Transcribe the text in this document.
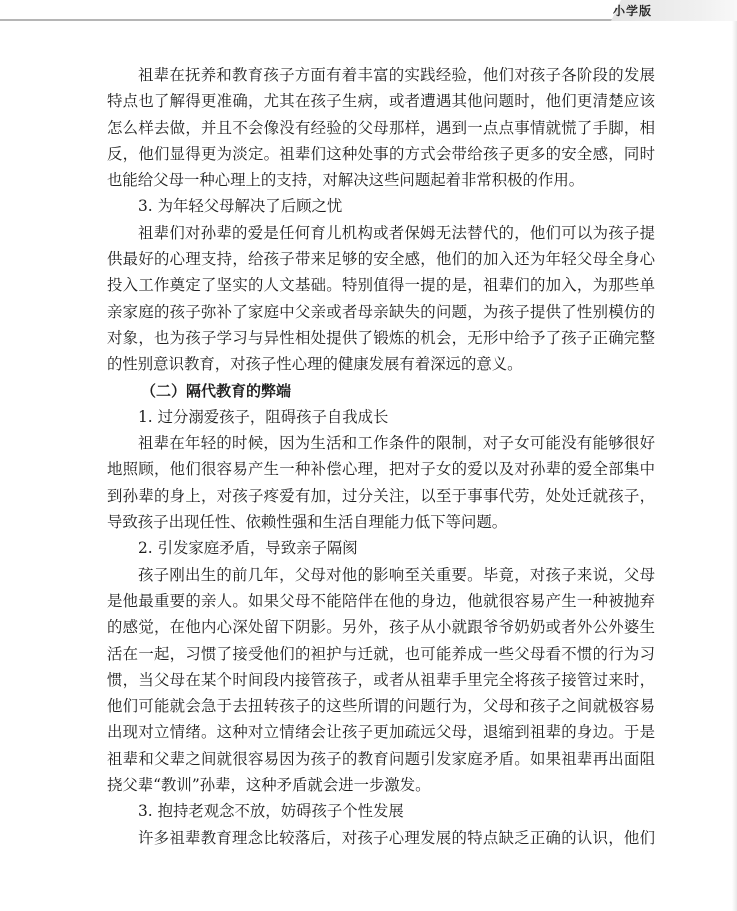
小学版
祖辈在抚养和教育孩子方面有着丰富的实践经验，他们对孩子各阶段的发展
特点也了解得更准确，尤其在孩子生病，或者遭遇其他问题时，他们更清楚应该
怎么样去做，并且不会像没有经验的父母那样，遇到一点点事情就慌了手脚，相
反，他们显得更为淡定。祖辈们这种处事的方式会带给孩子更多的安全感，同时
也能给父母一种心理上的支持，对解决这些问题起着非常积极的作用。
3. 为年轻父母解决了后顾之忧
祖辈们对孙辈的爱是任何育儿机构或者保姆无法替代的，他们可以为孩子提
供最好的心理支持，给孩子带来足够的安全感，他们的加入还为年轻父母全身心
投入工作奠定了坚实的人文基础。特别值得一提的是，祖辈们的加入，为那些单
亲家庭的孩子弥补了家庭中父亲或者母亲缺失的问题，为孩子提供了性别模仿的
对象，也为孩子学习与异性相处提供了锻炼的机会，无形中给予了孩子正确完整
的性别意识教育，对孩子性心理的健康发展有着深远的意义。
（二）隔代教育的弊端
1. 过分溺爱孩子，阻碍孩子自我成长
祖辈在年轻的时候，因为生活和工作条件的限制，对子女可能没有能够很好
地照顾，他们很容易产生一种补偿心理，把对子女的爱以及对孙辈的爱全部集中
到孙辈的身上，对孩子疼爱有加，过分关注，以至于事事代劳，处处迁就孩子，
导致孩子出现任性、依赖性强和生活自理能力低下等问题。
2. 引发家庭矛盾，导致亲子隔阂
孩子刚出生的前几年，父母对他的影响至关重要。毕竟，对孩子来说，父母
是他最重要的亲人。如果父母不能陪伴在他的身边，他就很容易产生一种被抛弃
的感觉，在他内心深处留下阴影。另外，孩子从小就跟爷爷奶奶或者外公外婆生
活在一起，习惯了接受他们的袒护与迁就，也可能养成一些父母看不惯的行为习
惯，当父母在某个时间段内接管孩子，或者从祖辈手里完全将孩子接管过来时，
他们可能就会急于去扭转孩子的这些所谓的问题行为，父母和孩子之间就极容易
出现对立情绪。这种对立情绪会让孩子更加疏远父母，退缩到祖辈的身边。于是
祖辈和父辈之间就很容易因为孩子的教育问题引发家庭矛盾。如果祖辈再出面阻
挠父辈“教训”孙辈，这种矛盾就会进一步激发。
3. 抱持老观念不放，妨碍孩子个性发展
许多祖辈教育理念比较落后，对孩子心理发展的特点缺乏正确的认识，他们
